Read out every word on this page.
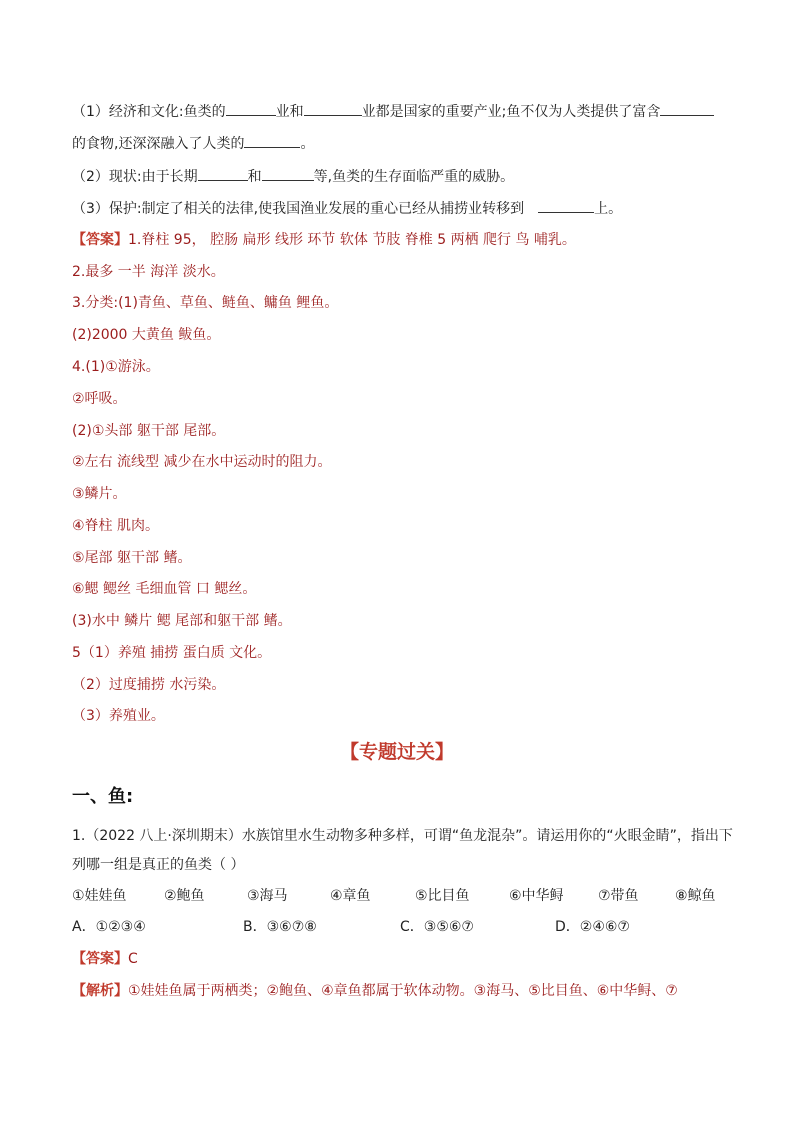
（1）经济和文化:鱼类的	业和	业都是国家的重要产业;鱼不仅为人类提供了富含
的食物,还深深融入了人类的	。
（2）现状:由于长期	和	等,鱼类的生存面临严重的威胁。
（3）保护:制定了相关的法律,使我国渔业发展的重心已经从捕捞业转移到	上。
【答案】1.脊柱 95， 腔肠 扁形 线形 环节 软体 节肢 脊椎 5 两栖 爬行 鸟 哺乳。
2.最多 一半 海洋 淡水。
3.分类:(1)青鱼、草鱼、鲢鱼、鳙鱼 鲤鱼。
(2)2000 大黄鱼 鲅鱼。
4.(1)①游泳。
②呼吸。
(2)①头部 躯干部 尾部。
②左右 流线型 减少在水中运动时的阻力。
③鳞片。
④脊柱 肌肉。
⑤尾部 躯干部 鳍。
⑥鳃 鳃丝 毛细血管 口 鳃丝。
(3)水中 鳞片 鳃 尾部和躯干部 鳍。
5（1）养殖 捕捞 蛋白质 文化。
（2）过度捕捞 水污染。
（3）养殖业。
【专题过关】
一、鱼:
1.（2022 八上·深圳期末）水族馆里水生动物多种多样，可谓“鱼龙混杂”。请运用你的“火眼金睛”，指出下
列哪一组是真正的鱼类（ ）
①娃娃鱼	②鲍鱼	③海马	④章鱼	⑤比目鱼	⑥中华鲟 ⑦带鱼	⑧鲸鱼
A．①②③④	B．③⑥⑦⑧	C．③⑤⑥⑦	D．②④⑥⑦
【答案】C
【解析】①娃娃鱼属于两栖类；②鲍鱼、④章鱼都属于软体动物。③海马、⑤比目鱼、⑥中华鲟、⑦
